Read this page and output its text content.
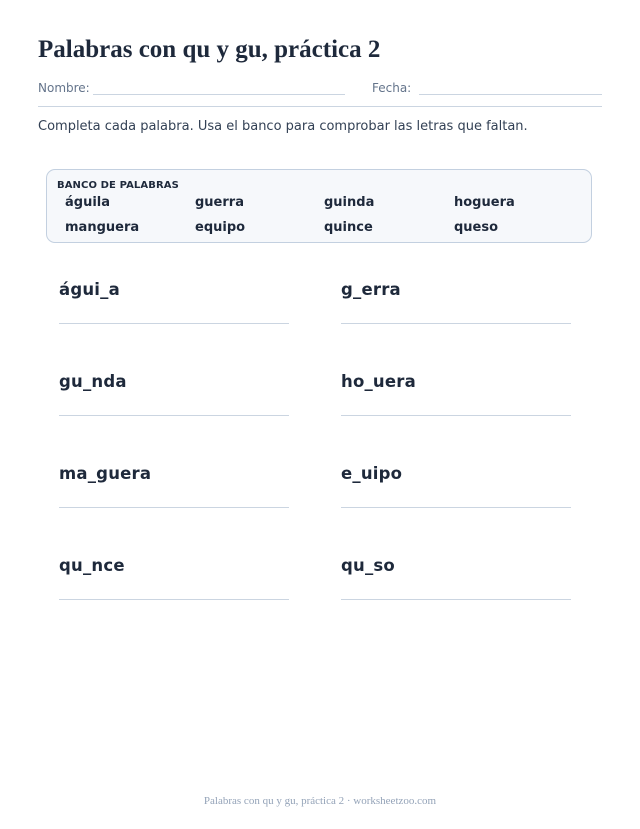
Palabras con qu y gu, práctica 2
Nombre:	Fecha:
Completa cada palabra. Usa el banco para comprobar las letras que faltan.
BANCO DE PALABRAS
águila	guerra	guinda	hoguera
manguera	equipo	quince	queso
águi_a	g_erra
gu_nda	ho_uera
ma_guera	e_uipo
qu_nce	qu_so
Palabras con qu y gu, práctica 2 · worksheetzoo.com
